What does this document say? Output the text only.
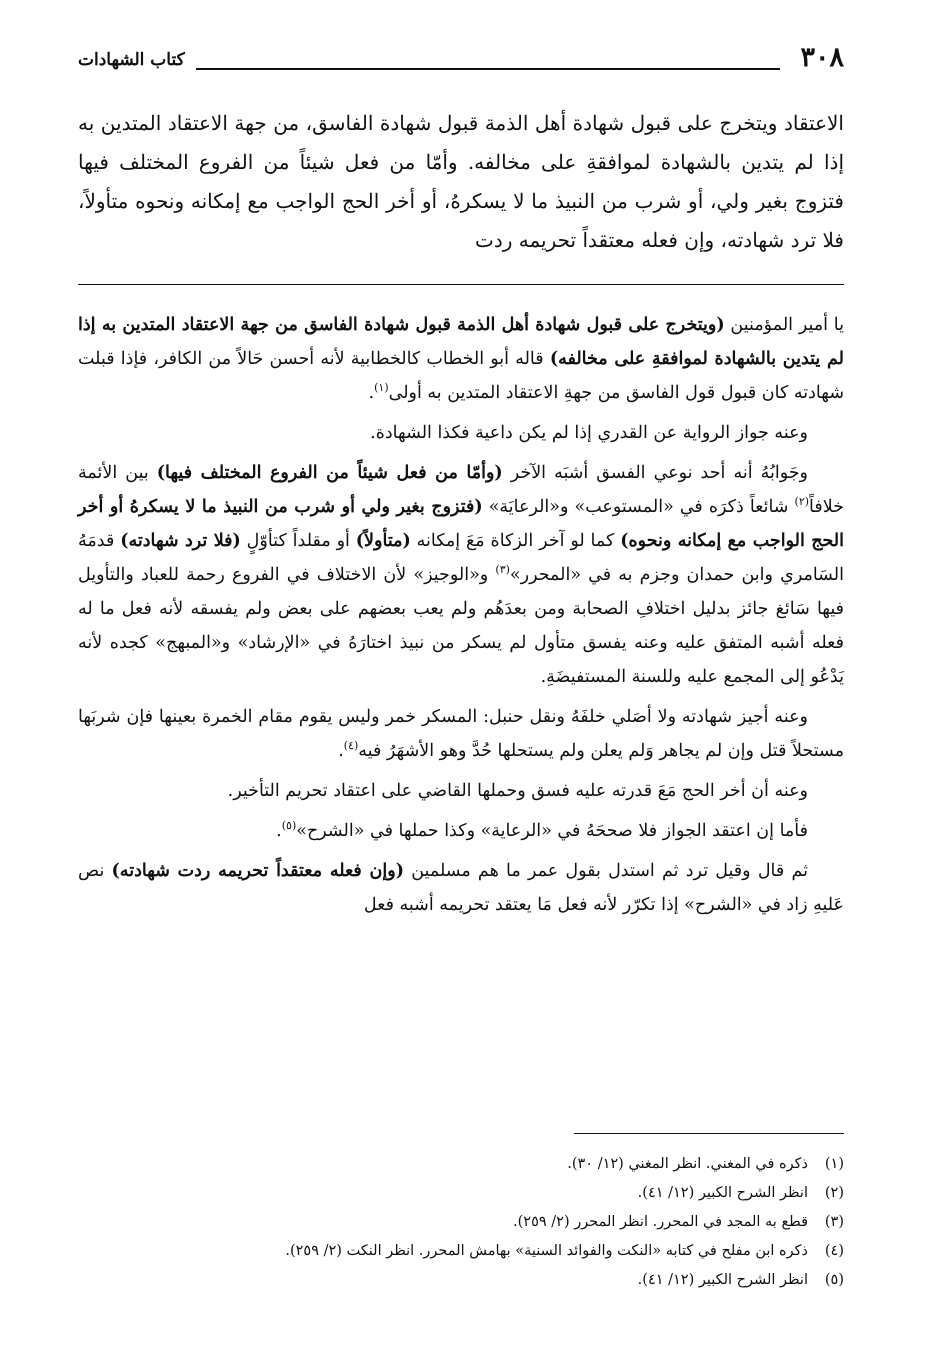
٣٠٨
كتاب الشهادات

الاعتقاد ويتخرج على قبول شهادة أهل الذمة قبول شهادة الفاسق، من جهة الاعتقاد المتدين به إذا لم يتدين بالشهادة لموافقةِ على مخالفه. وأمّا من فعل شيئاً من الفروع المختلف فيها فتزوج بغير ولي، أو شرب من النبيذ ما لا يسكرهُ، أو أخر الحج الواجب مع إمكانه ونحوه متأولاً، فلا ترد شهادته، وإن فعله معتقداً تحريمه ردت

يا أمير المؤمنين (ويتخرج على قبول شهادة أهل الذمة قبول شهادة الفاسق من جهة الاعتقاد المتدين به إذا لم يتدين بالشهادة لموافقةِ على مخالفه) قاله أبو الخطاب كالخطابية لأنه أحسن حَالاً من الكافر، فإذا قبلت شهادته كان قبول قول الفاسق من جهةِ الاعتقاد المتدين به أولى$^{(١)}$.

وعنه جواز الرواية عن القدري إذا لم يكن داعية فكذا الشهادة.

وجَوابُهُ أنه أحد نوعي الفسق أشبَه الآخر (وأمّا من فعل شيئاً من الفروع المختلف فيها) بين الأئمة خلافاً$^{(٢)}$ شائعاً ذكرَه في «المستوعب» و«الرعايَة» (فتزوج بغير ولي أو شرب من النبيذ ما لا يسكرهُ أو أخر الحج الواجب مع إمكانه ونحوه) كما لو آخر الزكاة مَعَ إمكانه (متأولاً) أو مقلداً كتأوّلٍ (فلا ترد شهادته) قدمَهُ السَامري وابن حمدان وجزم به في «المحرر»$^{(٣)}$ و«الوجيز» لأن الاختلاف في الفروع رحمة للعباد والتأويل فيها سَائغ جائز بدليل اختلافِ الصحابة ومن بعدَهُم ولم يعب بعضهم على بعض ولم يفسقه لأنه فعل ما له فعله أشبه المتفق عليه وعنه يفسق متأول لم يسكر من نبيذ اختارَهُ في «الإرشاد» و«المبهج» كجده لأنه يَدْعُو إلى المجمع عليه وللسنة المستفيضَةِ.

وعنه أجيز شهادته ولا أصَلي خلفَهُ ونقل حنبل: المسكر خمر وليس يقوم مقام الخمرة بعينها فإن شربَها مستحلاً قتل وإن لم يجاهر وَلم يعلن ولم يستحلها حُدَّ وهو الأشهَرُ فيه$^{(٤)}$.

وعنه أن أخر الحج مَعَ قدرته عليه فسق وحملها القاضي على اعتقاد تحريم التأخير.

فأما إن اعتقد الجواز فلا صححَهُ في «الرعاية» وكذا حملها في «الشرح»$^{(٥)}$.

ثم قال وقيل ترد ثم استدل بقول عمر ما هم مسلمين (وإن فعله معتقداً تحريمه ردت شهادته) نص عَليهِ زاد في «الشرح» إذا تكرّر لأنه فعل مَا يعتقد تحريمه أشبه فعل

(١)
ذكره في المغني. انظر المغني (١٢/ ٣٠).
(٢)
انظر الشرح الكبير (١٢/ ٤١).
(٣)
قطع به المجد في المحرر. انظر المحرر (٢/ ٢٥٩).
(٤)
ذكره ابن مفلح في كتابه «النكت والفوائد السنية» بهامش المحرر. انظر النكت (٢/ ٢٥٩).
(٥)
انظر الشرح الكبير (١٢/ ٤١).
